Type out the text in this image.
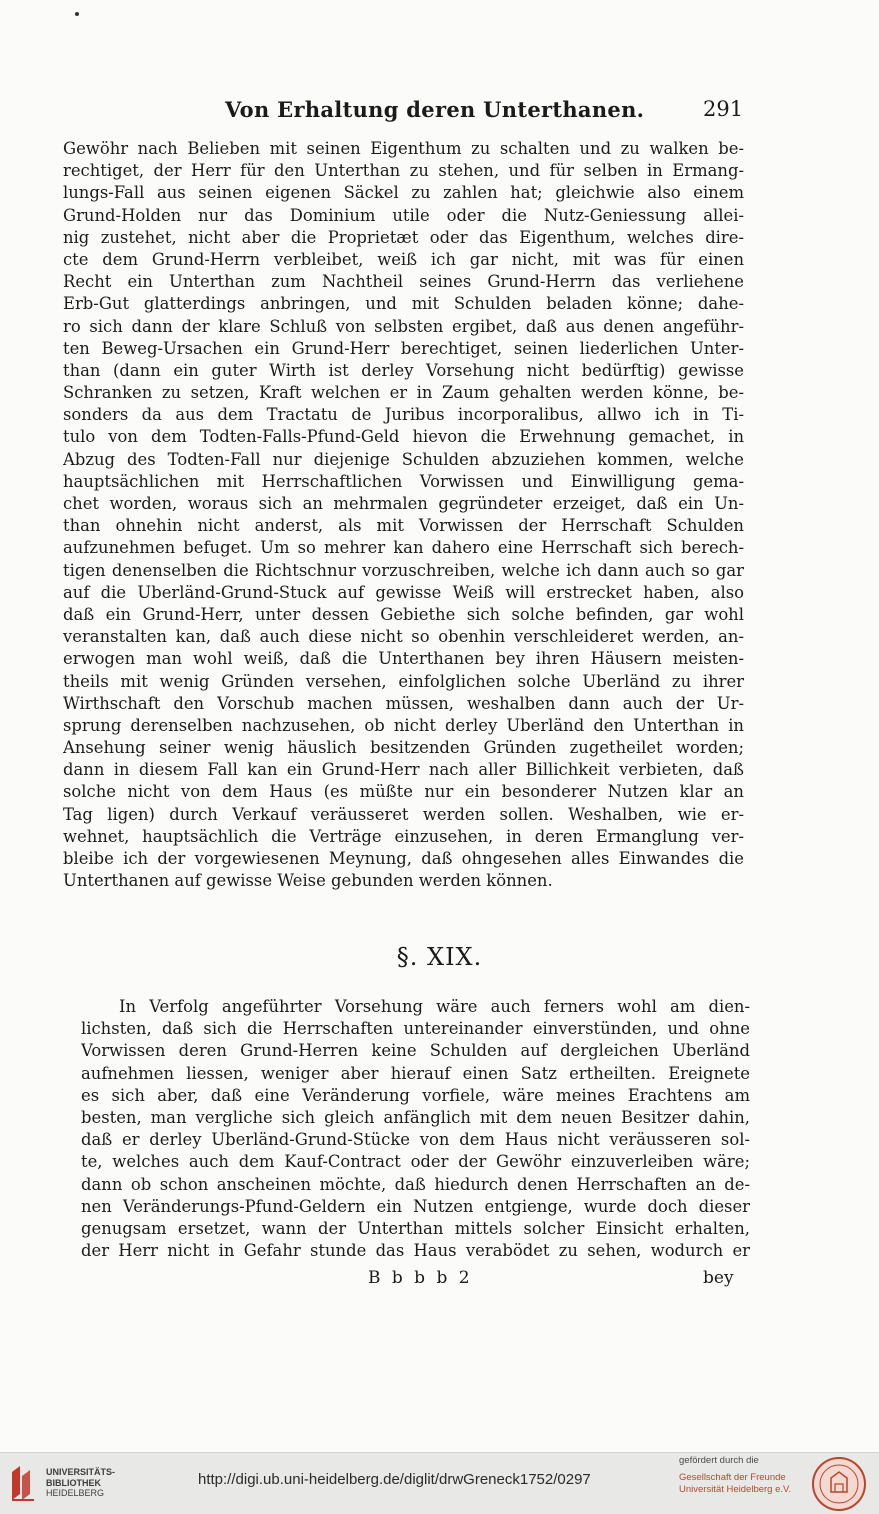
Von Erhaltung deren Unterthanen.	291
Gewöhr nach Belieben mit seinen Eigenthum zu schalten und zu walken be-
rechtiget, der Herr für den Unterthan zu stehen, und für selben in Ermang-
lungs-Fall aus seinen eigenen Säckel zu zahlen hat; gleichwie also einem
Grund-Holden nur das Dominium utile oder die Nutz-Geniessung allei-
nig zustehet, nicht aber die Proprietæt oder das Eigenthum, welches dire-
cte dem Grund-Herrn verbleibet, weiß ich gar nicht, mit was für einen
Recht ein Unterthan zum Nachtheil seines Grund-Herrn das verliehene
Erb-Gut glatterdings anbringen, und mit Schulden beladen könne; dahe-
ro sich dann der klare Schluß von selbsten ergibet, daß aus denen angeführ-
ten Beweg-Ursachen ein Grund-Herr berechtiget, seinen liederlichen Unter-
than (dann ein guter Wirth ist derley Vorsehung nicht bedürftig) gewisse
Schranken zu setzen, Kraft welchen er in Zaum gehalten werden könne, be-
sonders da aus dem Tractatu de Juribus incorporalibus, allwo ich in Ti-
tulo von dem Todten-Falls-Pfund-Geld hievon die Erwehnung gemachet, in
Abzug des Todten-Fall nur diejenige Schulden abzuziehen kommen, welche
hauptsächlichen mit Herrschaftlichen Vorwissen und Einwilligung gema-
chet worden, woraus sich an mehrmalen gegründeter erzeiget, daß ein Un-
than ohnehin nicht anderst, als mit Vorwissen der Herrschaft Schulden
aufzunehmen befuget. Um so mehrer kan dahero eine Herrschaft sich berech-
tigen denenselben die Richtschnur vorzuschreiben, welche ich dann auch so gar
auf die Uberländ-Grund-Stuck auf gewisse Weiß will erstrecket haben, also
daß ein Grund-Herr, unter dessen Gebiethe sich solche befinden, gar wohl
veranstalten kan, daß auch diese nicht so obenhin verschleideret werden, an-
erwogen man wohl weiß, daß die Unterthanen bey ihren Häusern meisten-
theils mit wenig Gründen versehen, einfolglichen solche Uberländ zu ihrer
Wirthschaft den Vorschub machen müssen, weshalben dann auch der Ur-
sprung derenselben nachzusehen, ob nicht derley Uberländ den Unterthan in
Ansehung seiner wenig häuslich besitzenden Gründen zugetheilet worden;
dann in diesem Fall kan ein Grund-Herr nach aller Billichkeit verbieten, daß
solche nicht von dem Haus (es müßte nur ein besonderer Nutzen klar an
Tag ligen) durch Verkauf veräusseret werden sollen. Weshalben, wie er-
wehnet, hauptsächlich die Verträge einzusehen, in deren Ermanglung ver-
bleibe ich der vorgewiesenen Meynung, daß ohngesehen alles Einwandes die
Unterthanen auf gewisse Weise gebunden werden können.
§. XIX.
In Verfolg angeführter Vorsehung wäre auch ferners wohl am dien-
lichsten, daß sich die Herrschaften untereinander einverstünden, und ohne
Vorwissen deren Grund-Herren keine Schulden auf dergleichen Uberländ
aufnehmen liessen, weniger aber hierauf einen Satz ertheilten. Ereignete
es sich aber, daß eine Veränderung vorfiele, wäre meines Erachtens am
besten, man vergliche sich gleich anfänglich mit dem neuen Besitzer dahin,
daß er derley Uberländ-Grund-Stücke von dem Haus nicht veräusseren sol-
te, welches auch dem Kauf-Contract oder der Gewöhr einzuverleiben wäre;
dann ob schon anscheinen möchte, daß hiedurch denen Herrschaften an de-
nen Veränderungs-Pfund-Geldern ein Nutzen entgienge, wurde doch dieser
genugsam ersetzet, wann der Unterthan mittels solcher Einsicht erhalten,
der Herr nicht in Gefahr stunde das Haus verabödet zu sehen, wodurch er
B b b b 2	bey
UNIVERSITÄTS-
BIBLIOTHEK
HEIDELBERG
http://digi.ub.uni-heidelberg.de/diglit/drwGreneck1752/0297
gefördert durch die
Gesellschaft der Freunde
Universität Heidelberg e.V.
